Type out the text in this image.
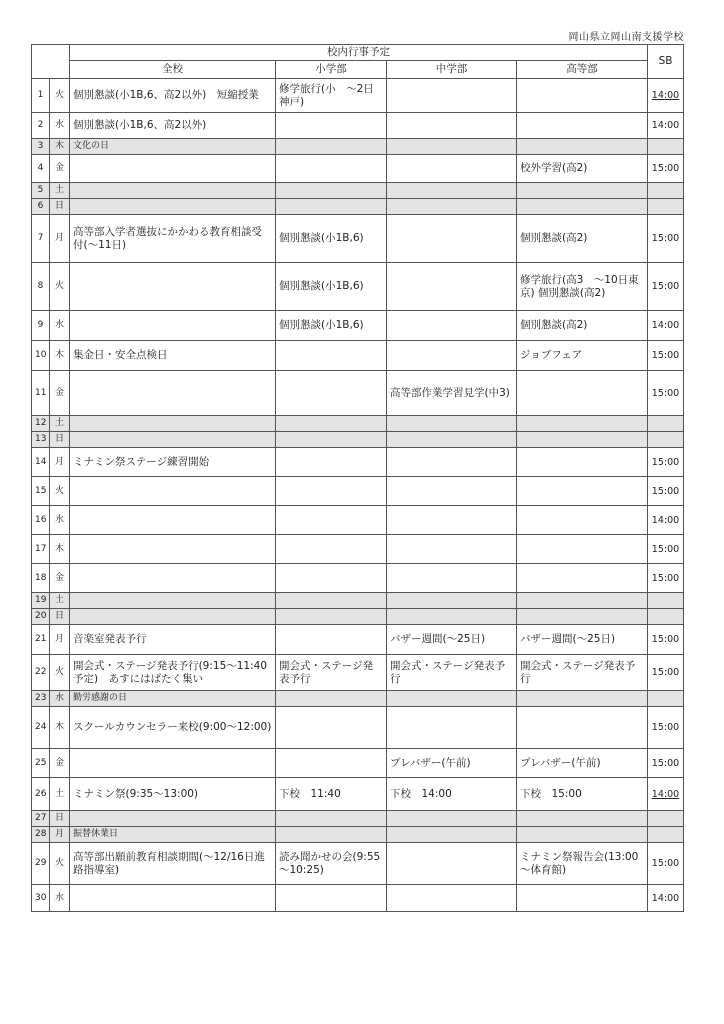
岡山県立岡山南支援学校
		校内行事予定				SB
		全校	小学部	中学部	高等部	
1	火	個別懇談(小1B,6、高2以外)　短縮授業	修学旅行(小　～2日 神戸)			14:00
2	水	個別懇談(小1B,6、高2以外)				14:00
3	木	文化の日				
4	金				校外学習(高2)	15:00
5	土					
6	日					
7	月	高等部入学者選抜にかかわる教育相談受付(～11日)	個別懇談(小1B,6)		個別懇談(高2)	15:00
8	火		個別懇談(小1B,6)		修学旅行(高3　～10日東京) 個別懇談(高2)	15:00
9	水		個別懇談(小1B,6)		個別懇談(高2)	14:00
10	木	集金日・安全点検日			ジョブフェア	15:00
11	金			高等部作業学習見学(中3)		15:00
12	土					
13	日					
14	月	ミナミン祭ステージ練習開始				15:00
15	火					15:00
16	水					14:00
17	木					15:00
18	金					15:00
19	土					
20	日					
21	月	音楽室発表予行		バザー週間(～25日)	バザー週間(～25日)	15:00
22	火	開会式・ステージ発表予行(9:15～11:40予定)　あすにはばたく集い	開会式・ステージ発表予行	開会式・ステージ発表予行	開会式・ステージ発表予行	15:00
23	水	勤労感謝の日				
24	木	スクールカウンセラー来校(9:00～12:00)				15:00
25	金			プレバザー(午前)	プレバザー(午前)	15:00
26	土	ミナミン祭(9:35～13:00)	下校　11:40	下校　14:00	下校　15:00	14:00
27	日					
28	月	振替休業日				
29	火	高等部出願前教育相談期間(～12/16日進路指導室)	読み聞かせの会(9:55～10:25)		ミナミン祭報告会(13:00～体育館)	15:00
30	水					14:00
